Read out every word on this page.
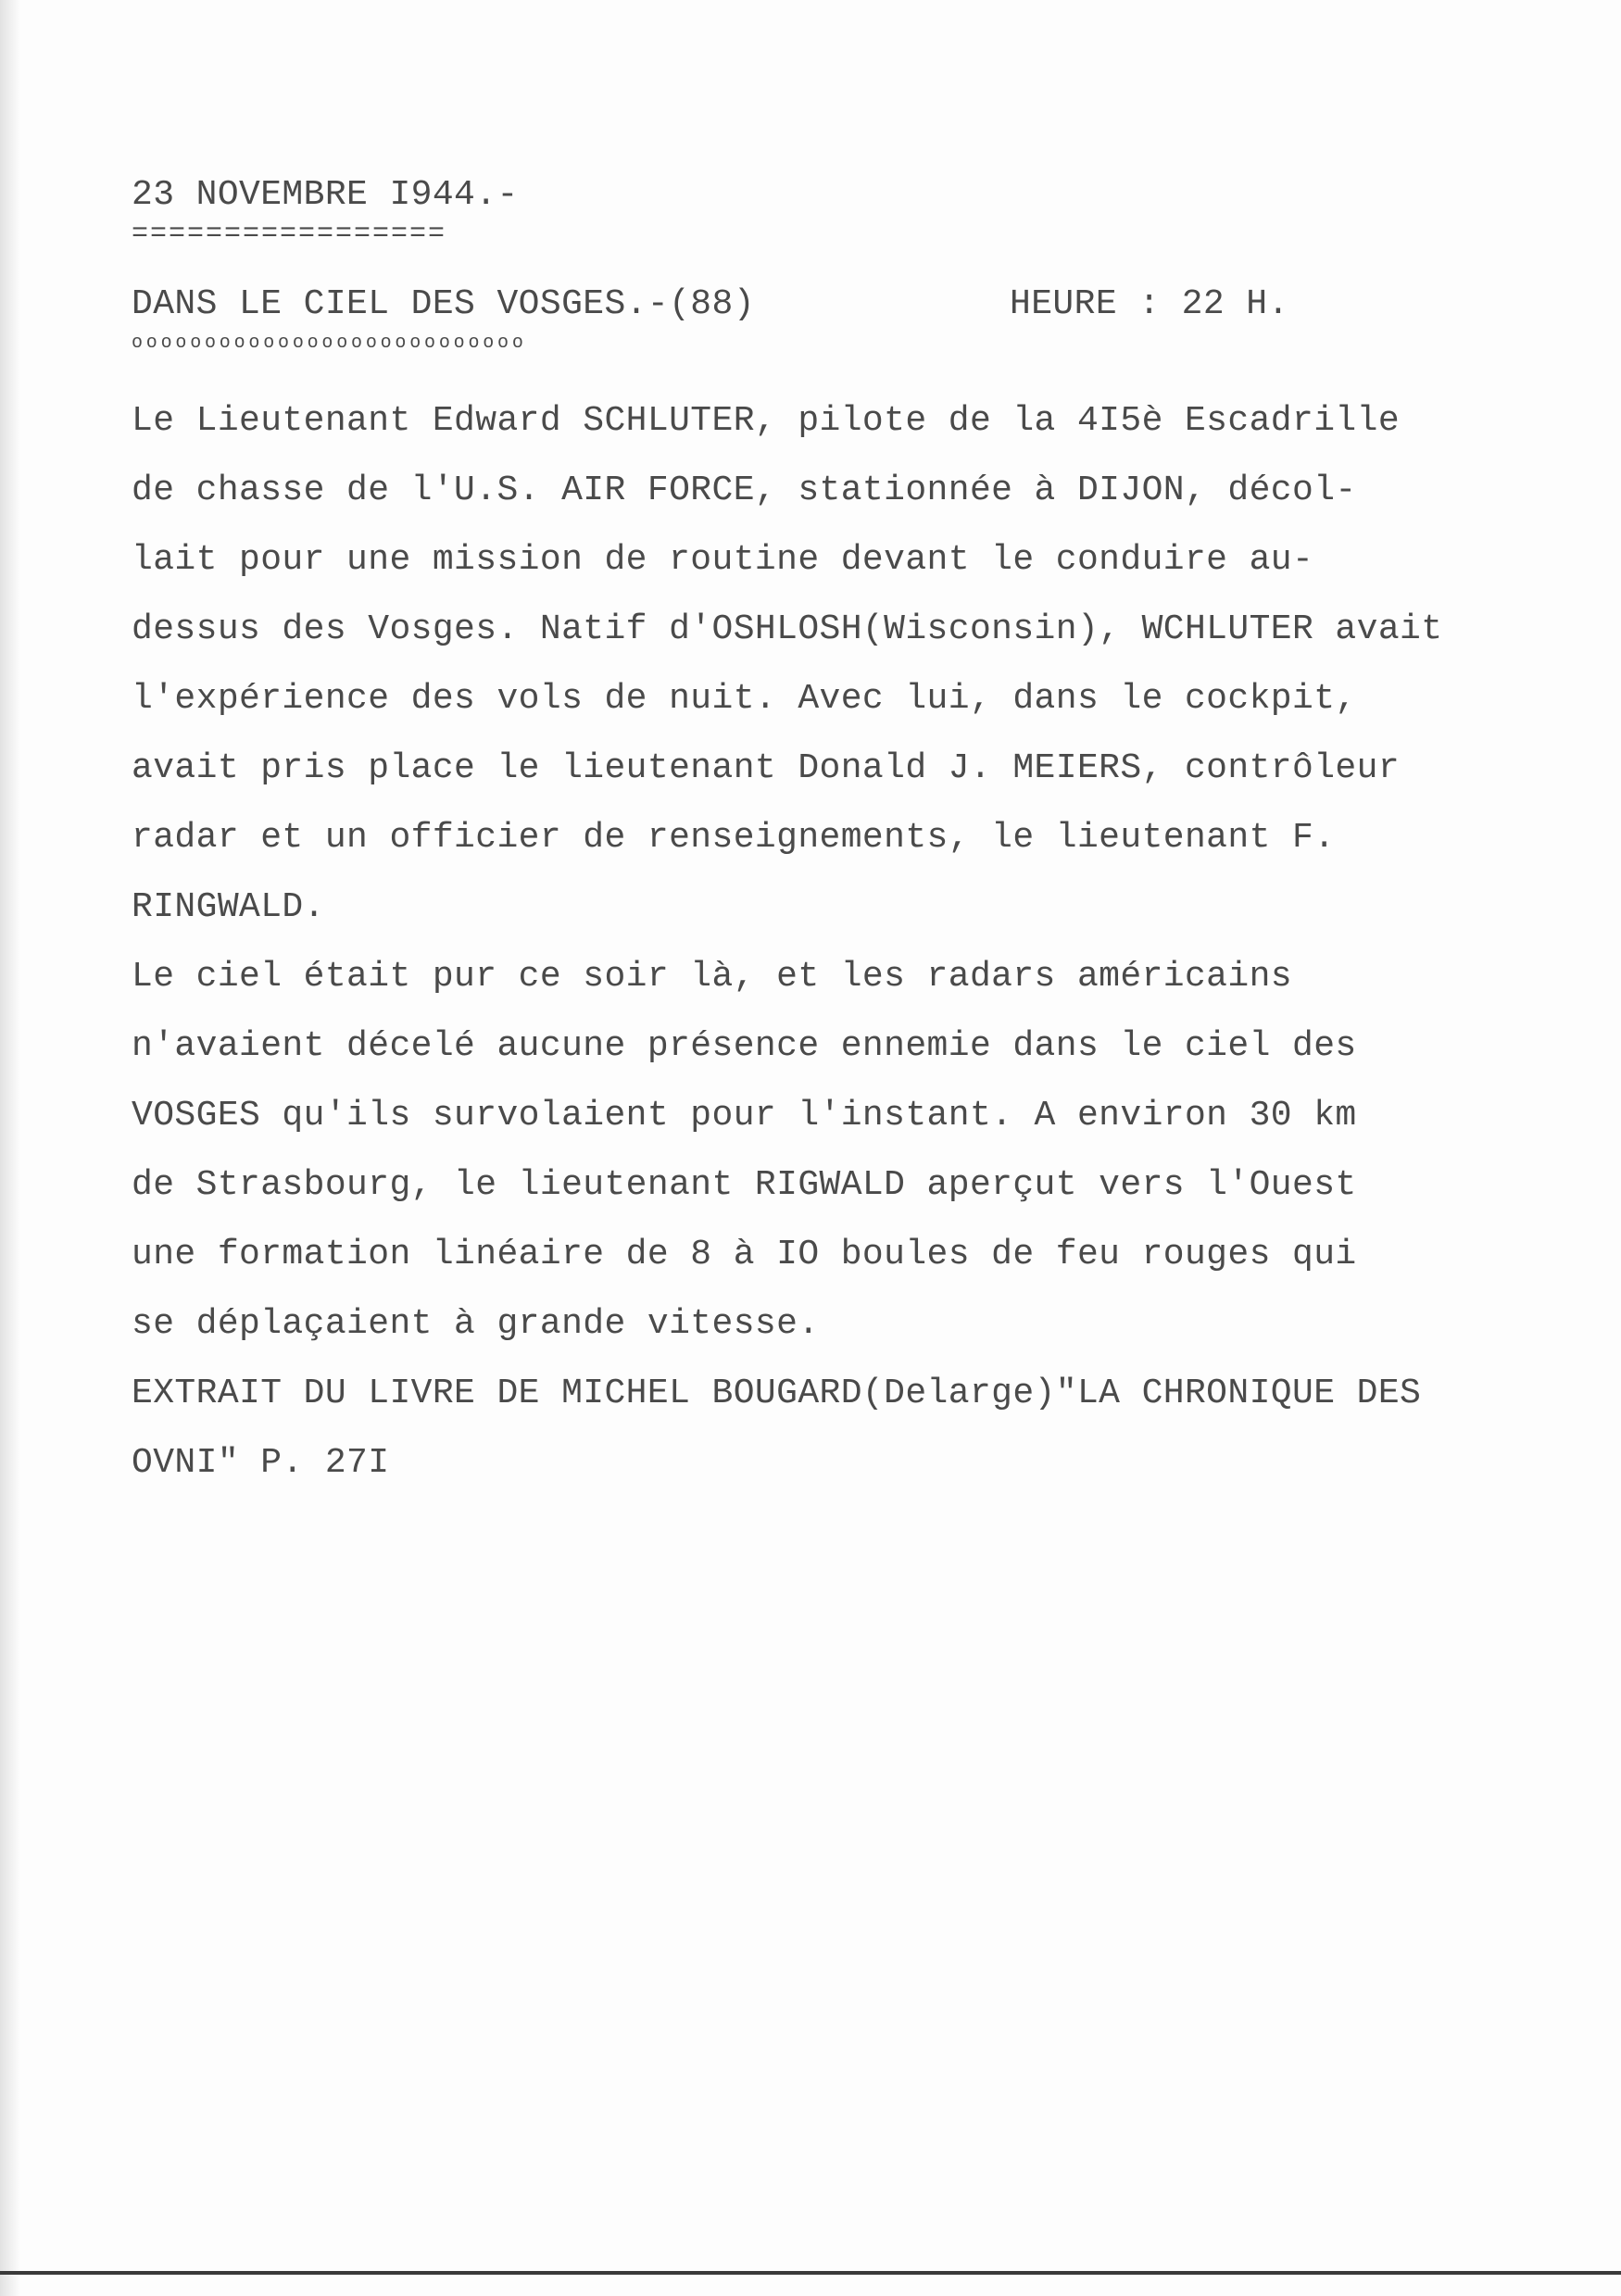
23 NOVEMBRE I944.-

=================

DANS LE CIEL DES VOSGES.-(88)	HEURE : 22 H.

ooooooooooooooooooooooooooo

Le Lieutenant Edward SCHLUTER, pilote de la 4I5è Escadrille

de chasse de l'U.S. AIR FORCE, stationnée à DIJON, décol-

lait pour une mission de routine devant le conduire au-

dessus des Vosges. Natif d'OSHLOSH(Wisconsin), WCHLUTER avait

l'expérience des vols de nuit. Avec lui, dans le cockpit,

avait pris place le lieutenant Donald J. MEIERS, contrôleur

radar et un officier de renseignements, le lieutenant F.

RINGWALD.

Le ciel était pur ce soir là, et les radars américains

n'avaient décelé aucune présence ennemie dans le ciel des

VOSGES qu'ils survolaient pour l'instant. A environ 30 km

de Strasbourg, le lieutenant RIGWALD aperçut vers l'Ouest

une formation linéaire de 8 à IO boules de feu rouges qui

se déplaçaient à grande vitesse.

EXTRAIT DU LIVRE DE MICHEL BOUGARD(Delarge)"LA CHRONIQUE DES

OVNI" P. 27I
